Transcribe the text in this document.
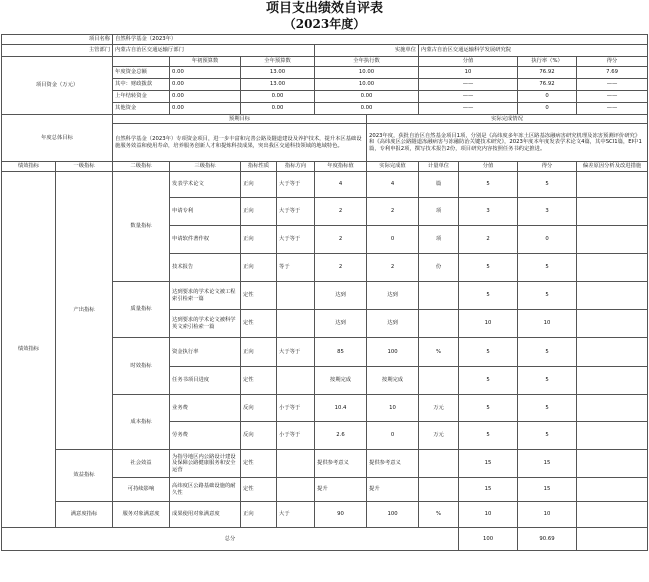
项目支出绩效自评表
（2023年度）
项目名称		自然科学基金（2023年）									
主管部门		内蒙古自治区交通运输厅部门				实施单位		内蒙古自治区交通运输科学发展研究院			
项目资金（万元）			年初预算数	全年预算数		全年执行数		分值		执行率（%）	得分
		年度资金总额	0.00	13.00		10.00		10		76.92	7.69
		其中：财政拨款	0.00	13.00		10.00		——		76.92	——
		上年结转资金	0.00	0.00		0.00		——		0	——
		其他资金	0.00	0.00		0.00		——		0	——
年度总体目标		预期目标					实际完成情况				
		自然科学基金（2023年）专项资金项目，进一步丰富和完善公路及隧道建设及养护技术，提升本区基础设施服务效益和使用寿命，培养服务创新人才和提炼科技成果，突出我区交通科技领域的地域特色。					2023年度，获批自治区自然基金项目1项，分别是《高纬度多年冻土区路基冻融病害研究机理及冻害预测评价研究》和《高纬度区公路隧道冻融病害与冻融防治关键技术研究》，2023年度本年度发表学术论文4篇，其中SCI1篇，EI中1篇，专利申报2项，撰写技术报告2份，项目研究内容按照任务书约定推进。				
绩效指标	一级指标	二级指标	三级指标	指标性质	指标方向	年度指标值	实际完成值	计量单位	分值	得分	偏差原因分析及改进措施
绩效指标	产出指标	数量指标	发表学术论文	正向	大于等于	4	4	篇	5	5	
			申请专利	正向	大于等于	2	2	项	3	3	
			申请软件著作权	正向	大于等于	2	0	项	2	0	
			技术报告	正向	等于	2	2	份	5	5	
		质量指标	达到要求的学术论文被工程索引检索一篇	定性		达到	达到		5	5	
			达到要求的学术论文被科学英文索引检索一篇	定性		达到	达到		10	10	
		时效指标	资金执行率	正向	大于等于	85	100	%	5	5	
			任务书项目进度	定性		按期完成	按期完成		5	5	
		成本指标	业务费	反向	小于等于	10.4	10	万元	5	5	
			劳务费	反向	小于等于	2.6	0	万元	5	5	
	效益指标	社会效益	为指导地区内公路设计建设及保障公路健康服务和安全运营	定性		提供参考意义	提供参考意义		15	15	
		可持续影响	高纬度区公路基础设施的耐久性	定性		提升	提升		15	15	
	满意度指标	服务对象满意度	成果使用对象满意度	正向	大于	90	100	%	10	10	
总分									100	90.69	
